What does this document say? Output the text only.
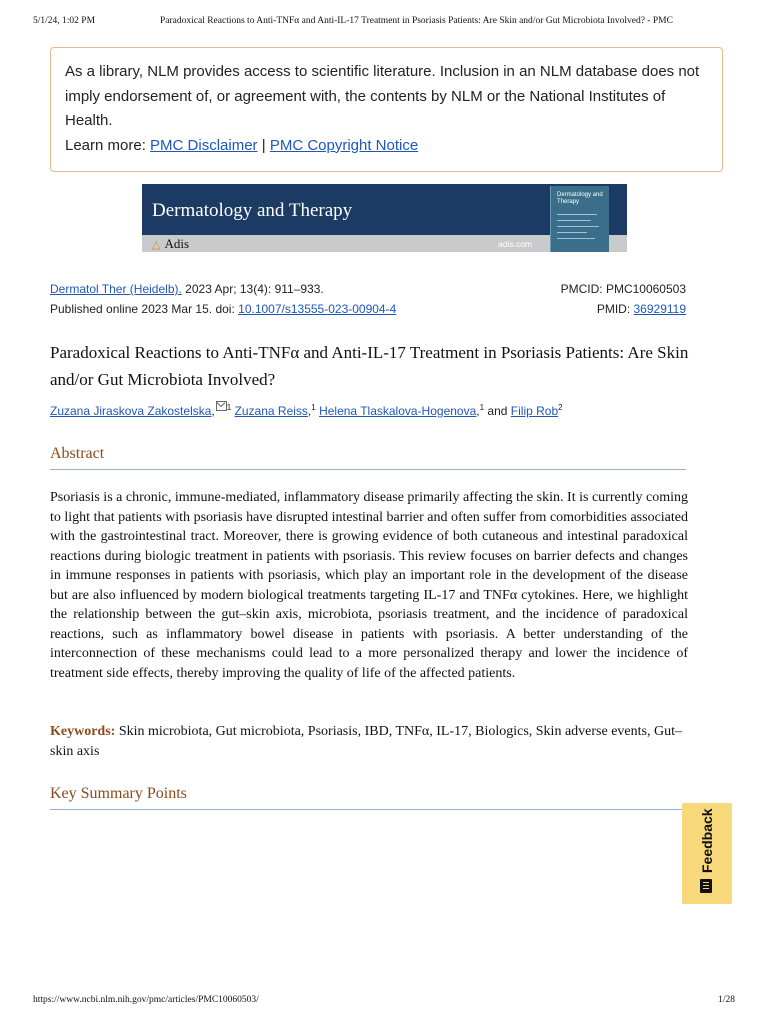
5/1/24, 1:02 PM	Paradoxical Reactions to Anti-TNFα and Anti-IL-17 Treatment in Psoriasis Patients: Are Skin and/or Gut Microbiota Involved? - PMC
As a library, NLM provides access to scientific literature. Inclusion in an NLM database does not imply endorsement of, or agreement with, the contents by NLM or the National Institutes of Health.
Learn more: PMC Disclaimer | PMC Copyright Notice
Dermatology and Therapy
△ Adis	adis.com
Dermatology and Therapy
Dermatol Ther (Heidelb). 2023 Apr; 13(4): 911–933.	PMCID: PMC10060503
Published online 2023 Mar 15. doi: 10.1007/s13555-023-00904-4	PMID: 36929119
Paradoxical Reactions to Anti-TNFα and Anti-IL-17 Treatment in Psoriasis Patients: Are Skin and/or Gut Microbiota Involved?
Zuzana Jiraskova Zakostelska, $^1$ Zuzana Reiss,$^1$ Helena Tlaskalova-Hogenova,$^1$ and Filip Rob$^2$
Abstract
Psoriasis is a chronic, immune-mediated, inflammatory disease primarily affecting the skin. It is currently coming to light that patients with psoriasis have disrupted intestinal barrier and often suffer from comorbidities associated with the gastrointestinal tract. Moreover, there is growing evidence of both cutaneous and intestinal paradoxical reactions during biologic treatment in patients with psoriasis. This review focuses on barrier defects and changes in immune responses in patients with psoriasis, which play an important role in the development of the disease but are also influenced by modern biological treatments targeting IL-17 and TNFα cytokines. Here, we highlight the relationship between the gut–skin axis, microbiota, psoriasis treatment, and the incidence of paradoxical reactions, such as inflammatory bowel disease in patients with psoriasis. A better understanding of the interconnection of these mechanisms could lead to a more personalized therapy and lower the incidence of treatment side effects, thereby improving the quality of life of the affected patients.
Keywords: Skin microbiota, Gut microbiota, Psoriasis, IBD, TNFα, IL-17, Biologics, Skin adverse events, Gut–skin axis
Key Summary Points
Feedback
https://www.ncbi.nlm.nih.gov/pmc/articles/PMC10060503/	1/28
